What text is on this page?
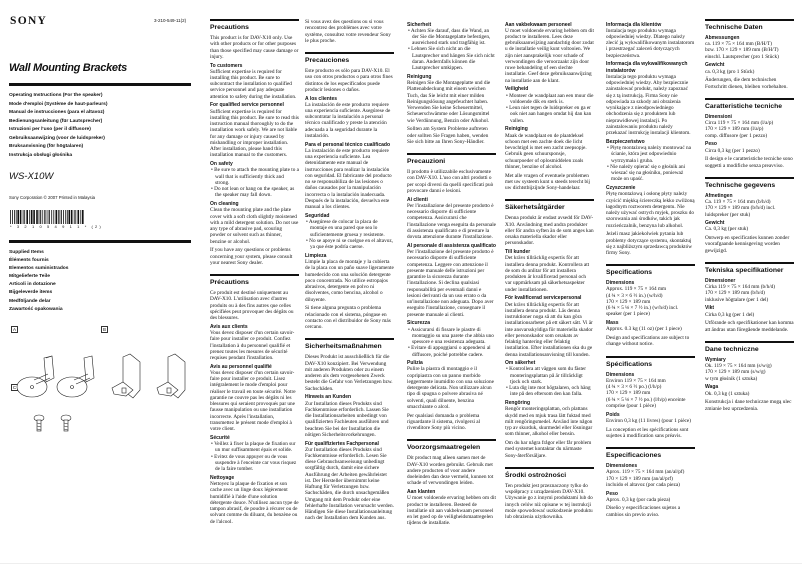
SONY	3-210-549-11(2)
Wall Mounting Brackets
Operating Instructions (For the speaker)
Mode d'emploi (Système de haut-parleurs)
Manual de instrucciones (para el altavoz)
Bedienungsanleitung (für Lautsprecher)
Istruzioni per l'uso (per il diffusore)
Gebruiksaanwijzing (voor de luidspreker)
Bruksanvisning (för högtalaren)
Instrukcja obsługi głośnika
WS-X10W
Sony Corporation © 2007 Printed in Malaysia
* 3 2 1 0 5 4 9 1 1 * (2)
Supplied Items
Éléments fournis
Elementos suministrados
Mitgelieferte Teile
Articoli in dotazione
Bijgeleverde items
Medföljande delar
Zawartość opakowania
A	B
C
Precautions
This product is for DAV-X10 only. Use with other products or for other purposes than those specified may cause damage or injury.
To customers
Sufficient expertise is required for installing this product. Be sure to subcontract the installation to qualified service personnel and pay adequate attention to safety during the installation.
For qualified service personnel
Sufficient expertise is required for installing this product. Be sure to read this instruction manual thoroughly to do the installation work safely. We are not liable for any damage or injury caused by mishandling or improper installation. After installation, please hand this installation manual to the customers.
On safety
• Be sure to attach the mounting plate to a wall that is sufficiently thick and strong.
• Do not lean or hang on the speaker, as the speaker may fall down.
On cleaning
Clean the mounting plate and the plate cover with a soft cloth slightly moistened with a mild detergent solution. Do not use any type of abrasive pad, scouring powder or solvent such as thinner, benzine or alcohol.
If you have any questions or problems concerning your system, please consult your nearest Sony dealer.
Précautions
Ce produit est destiné uniquement au DAV-X10. L'utilisation avec d'autres produits ou à des fins autres que celles spécifiées peut provoquer des dégâts ou des blessures.
Avis aux clients
Vous devez disposer d'un certain savoir-faire pour installer ce produit. Confiez l'installation à du personnel qualifié et prenez toutes les mesures de sécurité requises pendant l'installation.
Avis au personnel qualifié
Vous devez disposer d'un certain savoir-faire pour installer ce produit. Lisez intégralement le mode d'emploi pour réaliser le travail en toute sécurité. Notre garantie ne couvre pas les dégâts ni les blessures qui seraient provoqués par une fausse manipulation ou une installation incorrecte. Après l'installation, transmettez le présent mode d'emploi à votre client.
Sécurité
• Veillez à fixer la plaque de fixation sur un mur suffisamment épais et solide.
• Evitez de vous appuyer ou de vous suspendre à l'enceinte car vous risquez de la faire tomber.
Nettoyage
Nettoyez la plaque de fixation et son cache avec un linge doux légèrement humidifié à l'aide d'une solution détergente douce. N'utilisez aucun type de tampon abrasif, de poudre à récurer ou de solvant comme du diluant, du benzène ou de l'alcool.
Si vous avez des questions ou si vous rencontrez des problèmes avec votre système, consultez votre revendeur Sony le plus proche.
Precauciones
Este producto es sólo para DAV-X10. El uso con otros productos o para otros fines distintos de los especificados puede producir lesiones o daños.
A los clientes
La instalación de este producto requiere una experiencia suficiente. Asegúrese de subcontratar la instalación a personal técnico cualificado y preste la atención adecuada a la seguridad durante la instalación.
Para el personal técnico cualificado
La instalación de este producto requiere una experiencia suficiente. Lea detenidamente este manual de instrucciones para realizar la instalación con seguridad. El fabricante del producto no se responsabiliza de las lesiones o daños causados por la manipulación incorrecta o la instalación inadecuada. Después de la instalación, devuelva este manual a los clientes.
Seguridad
• Asegúrese de colocar la placa de montaje en una pared que sea lo suficientemente gruesa y resistente.
• No se apoye ni se cuelgue en el altavoz, ya que éste podría caerse.
Limpieza
Limpie la placa de montaje y la cubierta de la placa con un paño suave ligeramente humedecido con una solución detergente poco concentrada. No utilice estropajos abrasivos, detergente en polvo ni disolventes, como bencina, alcohol o diluyente.
Si tiene alguna pregunta o problema relacionado con el sistema, póngase en contacto con el distribuidor de Sony más cercano.
Sicherheitsmaßnahmen
Dieses Produkt ist ausschließlich für die DAV-X10 konzipiert. Bei Verwendung mit anderen Produkten oder zu einem anderen als dem vorgesehenen Zweck besteht die Gefahr von Verletzungen bzw. Sachschäden.
Hinweis an Kunden
Zur Installation dieses Produkts sind Fachkenntnisse erforderlich. Lassen Sie die Installationsarbeiten unbedingt von qualifizierten Fachleuten ausführen und beachten Sie bei der Installation die nötigen Sicherheitsvorkehrungen.
Für qualifiziertes Fachpersonal
Zur Installation dieses Produkts sind Fachkenntnisse erforderlich. Lesen Sie diese Gebrauchsanweisung unbedingt sorgfältig durch, damit eine sichere Ausführung der Arbeiten gewährleistet ist. Der Hersteller übernimmt keine Haftung für Verletzungen bzw. Sachschäden, die durch unsachgemäßen Umgang mit dem Produkt oder eine fehlerhafte Installation verursacht werden. Händigen Sie diese Installationsanleitung nach der Installation dem Kunden aus.
Sicherheit
• Achten Sie darauf, dass die Wand, an der Sie die Montageplatte befestigen, ausreichend stark und tragfähig ist.
• Lehnen Sie sich nicht an die Lautsprecher und hängen Sie sich nicht daran. Andernfalls können die Lautsprecher umkippen.
Reinigung
Reinigen Sie die Montageplatte und die Plattenabdeckung mit einem weichen Tuch, das Sie leicht mit einer milden Reinigungslösung angefeuchtet haben. Verwenden Sie keine Scheuermittel, Scheuerschwämme oder Lösungsmittel wie Verdünnung, Benzin oder Alkohol.
Sollten am System Probleme auftreten oder sollten Sie Fragen haben, wenden Sie sich bitte an Ihren Sony-Händler.
Precauzioni
Il prodotto è utilizzabile esclusivamente con DAV-X10. L'uso con altri prodotti o per scopi diversi da quelli specificati può provocare danni e lesioni.
Ai clienti
Per l'installazione del presente prodotto è necessario disporre di sufficiente competenza. Assicurarsi che l'installazione venga eseguita da personale di assistenza qualificato e di prestare la dovuta attenzione durante l'installazione.
Al personale di assistenza qualificato
Per l'installazione del presente prodotto è necessario disporre di sufficiente competenza. Leggere con attenzione il presente manuale delle istruzioni per garantire la sicurezza durante l'installazione. Si declina qualsiasi responsabilità per eventuali danni e lesioni derivanti da un uso errato o da un'installazione non adeguata. Dopo aver eseguito l'installazione, consegnare il presente manuale ai clienti.
Sicurezza
• Assicurarsi di fissare le piastre di montaggio su una parete che abbia uno spessore e una resistenza adeguata.
• Evitare di appoggiarsi o appendersi al diffusore, poiché potrebbe cadere.
Pulizia
Pulire la piastra di montaggio e il copripiastra con un panno morbido leggermente inumidito con una soluzione detergente delicata. Non utilizzare alcun tipo di spugna o polvere abrasiva né solventi, quali diluente, benzina smacchiante o alcol.
Per qualsiasi domanda o problema riguardante il sistema, rivolgersi al rivenditore Sony più vicino.
Voorzorgsmaatregelen
Dit product mag alleen samen met de DAV-X10 worden gebruikt. Gebruik met andere producten of voor andere doeleinden dan deze vermeld, kunnen tot schade of verwondingen leiden.
Aan klanten
U moet voldoende ervaring hebben om dit product te installeren. Besteed de installatie uit aan vakbekwaam personeel en let goed op de veiligheidsmaatregelen tijdens de installatie.
Aan vakbekwaam personeel
U moet voldoende ervaring hebben om dit product te installeren. Lees deze gebruiksaanwijzing aandachtig door zodat u de installatie veilig kunt voltooien. We zijn niet aansprakelijk voor schade of verwondingen die veroorzaakt zijn door ruwe behandeling of een slechte installatie. Geef deze gebruiksaanwijzing na installatie aan de klant.
Veiligheid
• Monteer de wandplaat aan een muur die voldoende dik en sterk is.
• Leun niet tegen de luidspreker en ga er ook niet aan hangen omdat hij dan kan vallen.
Reiniging
Maak de wandplaat en de plaatdeksel schoon met een zachte doek die licht bevochtigd is met een zacht zeepsopje. Gebruik geen schuursponsje, schuurpoeder of oplosmiddelen zoals thinner, benzine of alcohol.
Met alle vragen of eventuele problemen met uw systeem kunt u steeds terecht bij uw dichtstbijzijnde Sony-handelaar.
Säkerhetsåtgärder
Denna produkt är endast avsedd för DAV-X10. Användning med andra produkter eller för andra syften än de som anges kan orsaka materiella skador eller personskador.
Till kunder
Det krävs tillräcklig expertis för att installera denna produkt. Kontrollera att de som du anlitar för att installera produkten är kvalificerad personal och var uppmärksam på säkerhetsaspekter under installationen.
För kvalificerad servicepersonal
Det krävs tillräcklig expertis för att installera denna produkt. Läs denna instruktioner noga så att du kan göra installationsarbetet på ett säkert sätt. Vi är inte ansvarsskyldiga för materiella skador eller personskador som orsakats av felaktig hantering eller felaktig installation. Efter installationen ska du ge denna installationsanvisning till kunden.
Om säkerhet
• Kontrollera att väggen som du fäster monteringsplattan på är tillräckligt tjock och stark.
• Luta dig inte mot högtalaren, och häng inte på den eftersom den kan falla.
Rengöring
Rengör monteringsplattan, och plattans skydd med en mjuk trasa lätt fuktad med milt rengöringsmedel. Använd inte någon typ av skurduk, skurmedel eller lösningar som thinner, alkohol eller bensin.
Om du har några frågor eller får problem med systemet kontaktar du närmaste Sony-återförsäljare.
Środki ostrożności
Ten produkt jest przeznaczony tylko do współpracy z urządzeniem DAV-X10. Używanie go z innymi produktami lub do innych celów niż opisane w tej instrukcji może spowodować uszkodzenie produktu lub obrażenia użytkownika.
Informacja dla klientów
Instalacja tego produktu wymaga odpowiedniej wiedzy. Dlatego należy zlecić ją wykwalifikowanym instalatorom i przestrzegać zaleceń dotyczących bezpieczeństwa.
Informacja dla wykwalifikowanych instalatorów
Instalacja tego produktu wymaga odpowiedniej wiedzy. Aby bezpiecznie zainstalować produkt, należy zapoznać się z tą instrukcją. Firma Sony nie odpowiada za szkody ani obrażenia wynikające z nieodpowiedniego obchodzenia się z produktem lub nieprawidłowej instalacji. Po zainstalowaniu produktu należy przekazać instrukcję instalacji klientom.
Bezpieczeństwo
• Płytę montażową należy montować na ścianie, która jest odpowiednio wytrzymała i gruba.
• Nie należy opierać się o głośnik ani wieszać się na głośniku, ponieważ może on upaść.
Czyszczenie
Płytę montażową i osłonę płyty należy czyścić miękką ściereczką lekko zwilżoną łagodnym roztworem detergentu. Nie należy używać ostrych myjek, proszku do szorowania ani środków, takich jak rozcieńczalnik, benzyna lub alkohol.
Jeżeli masz jakiekolwiek pytania lub problemy dotyczące systemu, skontaktuj się z najbliższym sprzedawcą produktów firmy Sony.
Specifications
Dimensions
Approx. 119 × 75 × 164 mm
(4 ¾ × 3 × 6 ½ in.) (w/h/d)
170 × 129 × 189 mm
(6 ¾ × 5 ⅛ × 7 ½ in.) (w/h/d) incl. speaker (per 1 piece)
Mass
Approx. 0.3 kg (11 oz) (per 1 piece)
Design and specifications are subject to change without notice.
Spécifications
Dimensions
Environ 119 × 75 × 164 mm
(4 ¾ × 3 × 6 ½ po.) (l/h/p)
170 × 129 × 189 mm
(6 ¾ × 5 ⅛ × 7 ½ po.) (l/h/p) enceinte comprise (pour 1 pièce)
Poids
Environ 0,3 kg (11 livres) (pour 1 pièce)
La conception et les spécifications sont sujettes à modification sans préavis.
Especificaciones
Dimensiones
Aprox. 119 × 75 × 164 mm (an/al/pf)
170 × 129 × 189 mm (an/al/prf)
incluido el altavoz (por cada pieza)
Peso
Aprox. 0,3 kg (por cada pieza)
Diseño y especificaciones sujetos a cambios sin previo aviso.
Technische Daten
Abmessungen
ca. 119 × 75 × 164 mm (B/H/T)
bzw. 170 × 129 × 189 mm (B/H/T)
einschl. Lautsprecher (pro 1 Stück)
Gewicht
ca. 0,3 kg (pro 1 Stück)
Änderungen, die dem technischen Fortschritt dienen, bleiben vorbehalten.
Caratteristiche tecniche
Dimensioni
Circa 119 × 75 × 164 mm (l/a/p)
170 × 129 × 189 mm (l/a/p)
comp. diffusore (per 1 pezzo)
Peso
Circa 0,3 kg (per 1 pezzo)
Il design e le caratteristiche tecniche sono soggetti a modifiche senza preavviso.
Technische gegevens
Afmetingen
Ca. 119 × 75 × 164 mm (b/h/d)
170 × 129 × 189 mm (b/h/d) incl. luidspreker (per stuk)
Gewicht
Ca. 0,3 kg (per stuk)
Ontwerp en specificaties kunnen zonder voorafgaande kennisgeving worden gewijzigd.
Tekniska specifikationer
Dimensioner
Cirka 119 × 75 × 164 mm (b/h/d)
170 × 129 × 189 mm (b/h/d)
inklusive högtalare (per 1 del)
Vikt
Cirka 0,3 kg (per 1 del)
Utförande och specifikationer kan komma att ändras utan föregående meddelande.
Dane techniczne
Wymiary
Ok. 119 × 75 × 164 mm (s/w/g)
170 × 129 × 189 mm (s/w/g)
w tym głośnik (1 sztuka)
Waga
Ok. 0,3 kg (1 sztuka)
Konstrukcja i dane techniczne mogą ulec zmianie bez uprzedzenia.
